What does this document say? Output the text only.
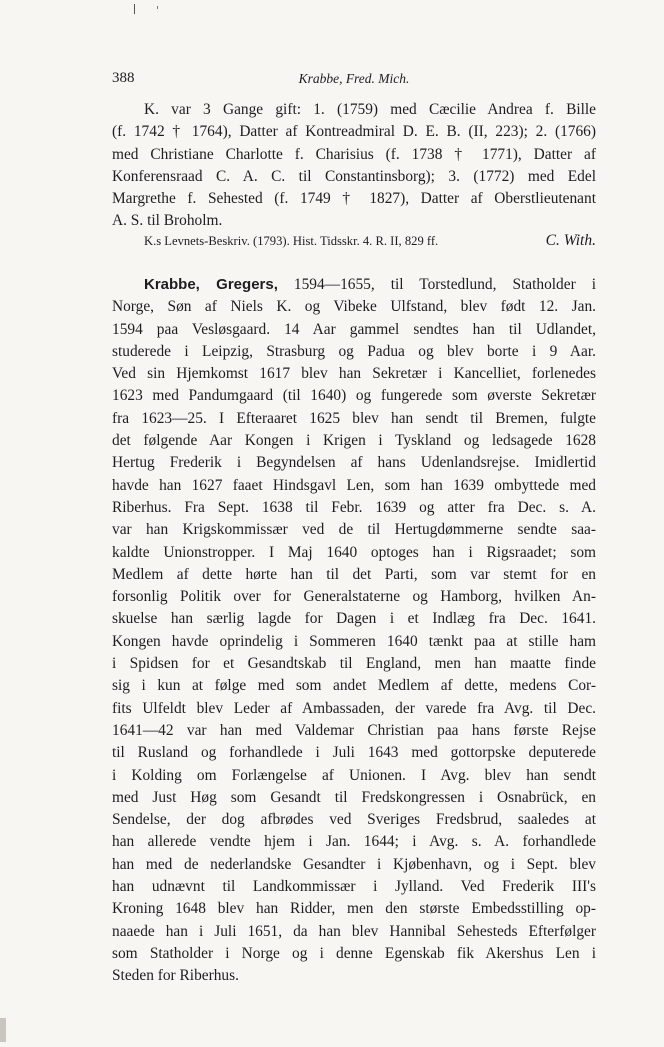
388	Krabbe, Fred. Mich.
K. var 3 Gange gift: 1. (1759) med Cæcilie Andrea f. Bille
(f. 1742 † 1764), Datter af Kontreadmiral D. E. B. (II, 223); 2. (1766)
med Christiane Charlotte f. Charisius (f. 1738 † 1771), Datter af
Konferensraad C. A. C. til Constantinsborg); 3. (1772) med Edel
Margrethe f. Sehested (f. 1749 † 1827), Datter af Oberstlieutenant
A. S. til Broholm.
K.s Levnets-Beskriv. (1793). Hist. Tidsskr. 4. R. II, 829 ff.	C. With.
Krabbe, Gregers, 1594—1655, til Torstedlund, Statholder i
Norge, Søn af Niels K. og Vibeke Ulfstand, blev født 12. Jan.
1594 paa Vesløsgaard. 14 Aar gammel sendtes han til Udlandet,
studerede i Leipzig, Strasburg og Padua og blev borte i 9 Aar.
Ved sin Hjemkomst 1617 blev han Sekretær i Kancelliet, forlenedes
1623 med Pandumgaard (til 1640) og fungerede som øverste Sekretær
fra 1623—25. I Efteraaret 1625 blev han sendt til Bremen, fulgte
det følgende Aar Kongen i Krigen i Tyskland og ledsagede 1628
Hertug Frederik i Begyndelsen af hans Udenlandsrejse. Imidlertid
havde han 1627 faaet Hindsgavl Len, som han 1639 ombyttede med
Riberhus. Fra Sept. 1638 til Febr. 1639 og atter fra Dec. s. A.
var han Krigskommissær ved de til Hertugdømmerne sendte saa-
kaldte Unionstropper. I Maj 1640 optoges han i Rigsraadet; som
Medlem af dette hørte han til det Parti, som var stemt for en
forsonlig Politik over for Generalstaterne og Hamborg, hvilken An-
skuelse han særlig lagde for Dagen i et Indlæg fra Dec. 1641.
Kongen havde oprindelig i Sommeren 1640 tænkt paa at stille ham
i Spidsen for et Gesandtskab til England, men han maatte finde
sig i kun at følge med som andet Medlem af dette, medens Cor-
fits Ulfeldt blev Leder af Ambassaden, der varede fra Avg. til Dec.
1641—42 var han med Valdemar Christian paa hans første Rejse
til Rusland og forhandlede i Juli 1643 med gottorpske deputerede
i Kolding om Forlængelse af Unionen. I Avg. blev han sendt
med Just Høg som Gesandt til Fredskongressen i Osnabrück, en
Sendelse, der dog afbrødes ved Sveriges Fredsbrud, saaledes at
han allerede vendte hjem i Jan. 1644; i Avg. s. A. forhandlede
han med de nederlandske Gesandter i Kjøbenhavn, og i Sept. blev
han udnævnt til Landkommissær i Jylland. Ved Frederik III's
Kroning 1648 blev han Ridder, men den største Embedsstilling op-
naaede han i Juli 1651, da han blev Hannibal Sehesteds Efterfølger
som Statholder i Norge og i denne Egenskab fik Akershus Len i
Steden for Riberhus.
